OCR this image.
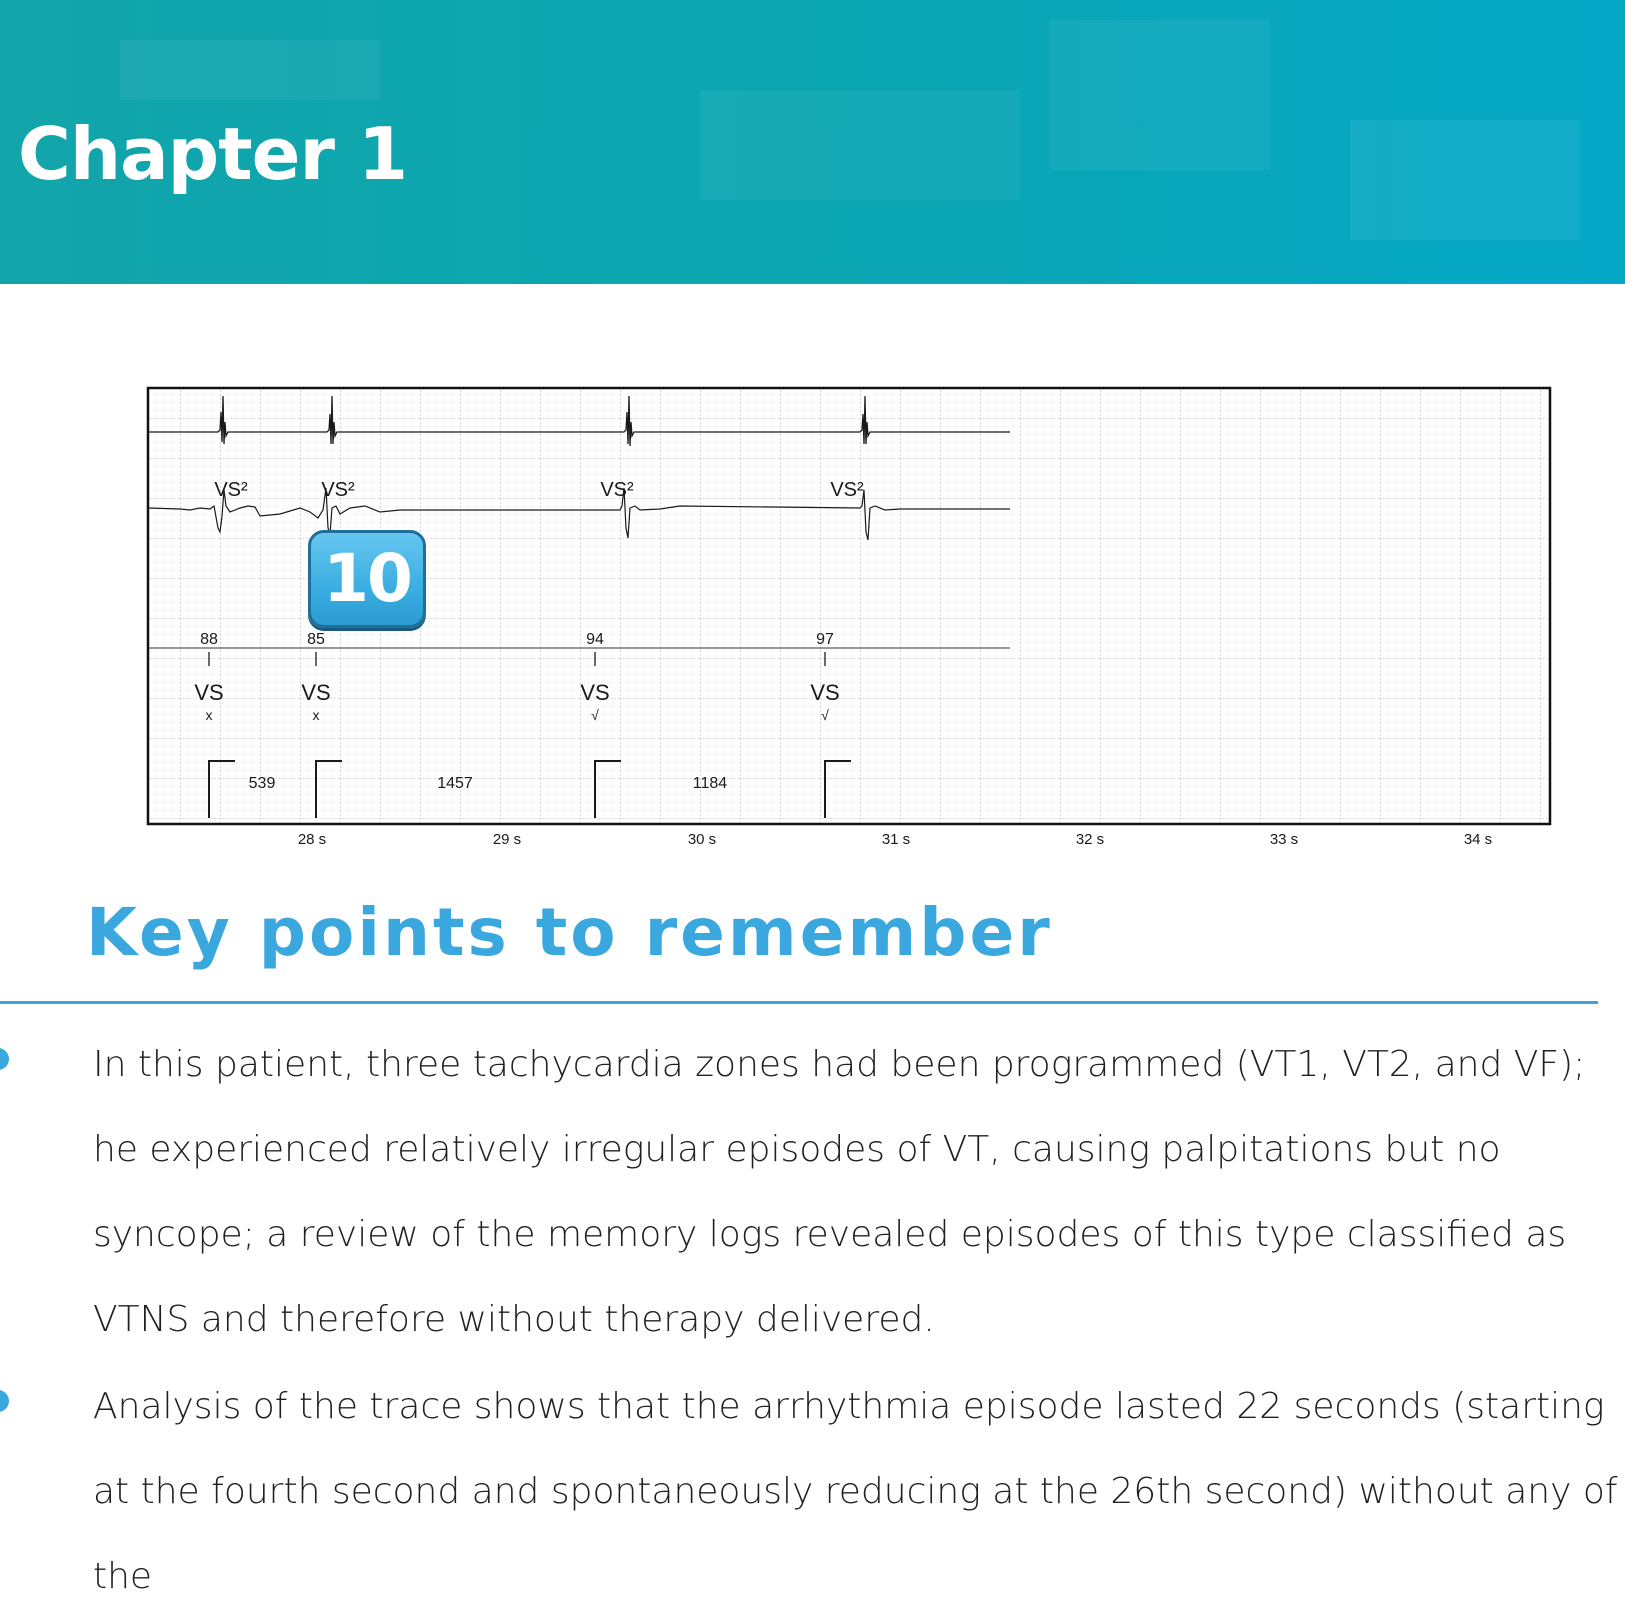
Chapter 1
VS²
88
VS
x
VS²
85
VS
x
VS²
94
VS
√
VS²
97
VS
√
539	1457	1184
28 s	29 s	30 s	31 s	32 s	33 s	34 s
10
Key points to remember

In this patient, three tachycardia zones had been programmed (VT1, VT2, and VF); he experienced relatively irregular episodes of VT, causing palpitations but no syncope; a review of the memory logs revealed episodes of this type classified as VTNS and therefore without therapy delivered.

Analysis of the trace shows that the arrhythmia episode lasted 22 seconds (starting at the fourth second and spontaneously reducing at the 26th second) without any of the
